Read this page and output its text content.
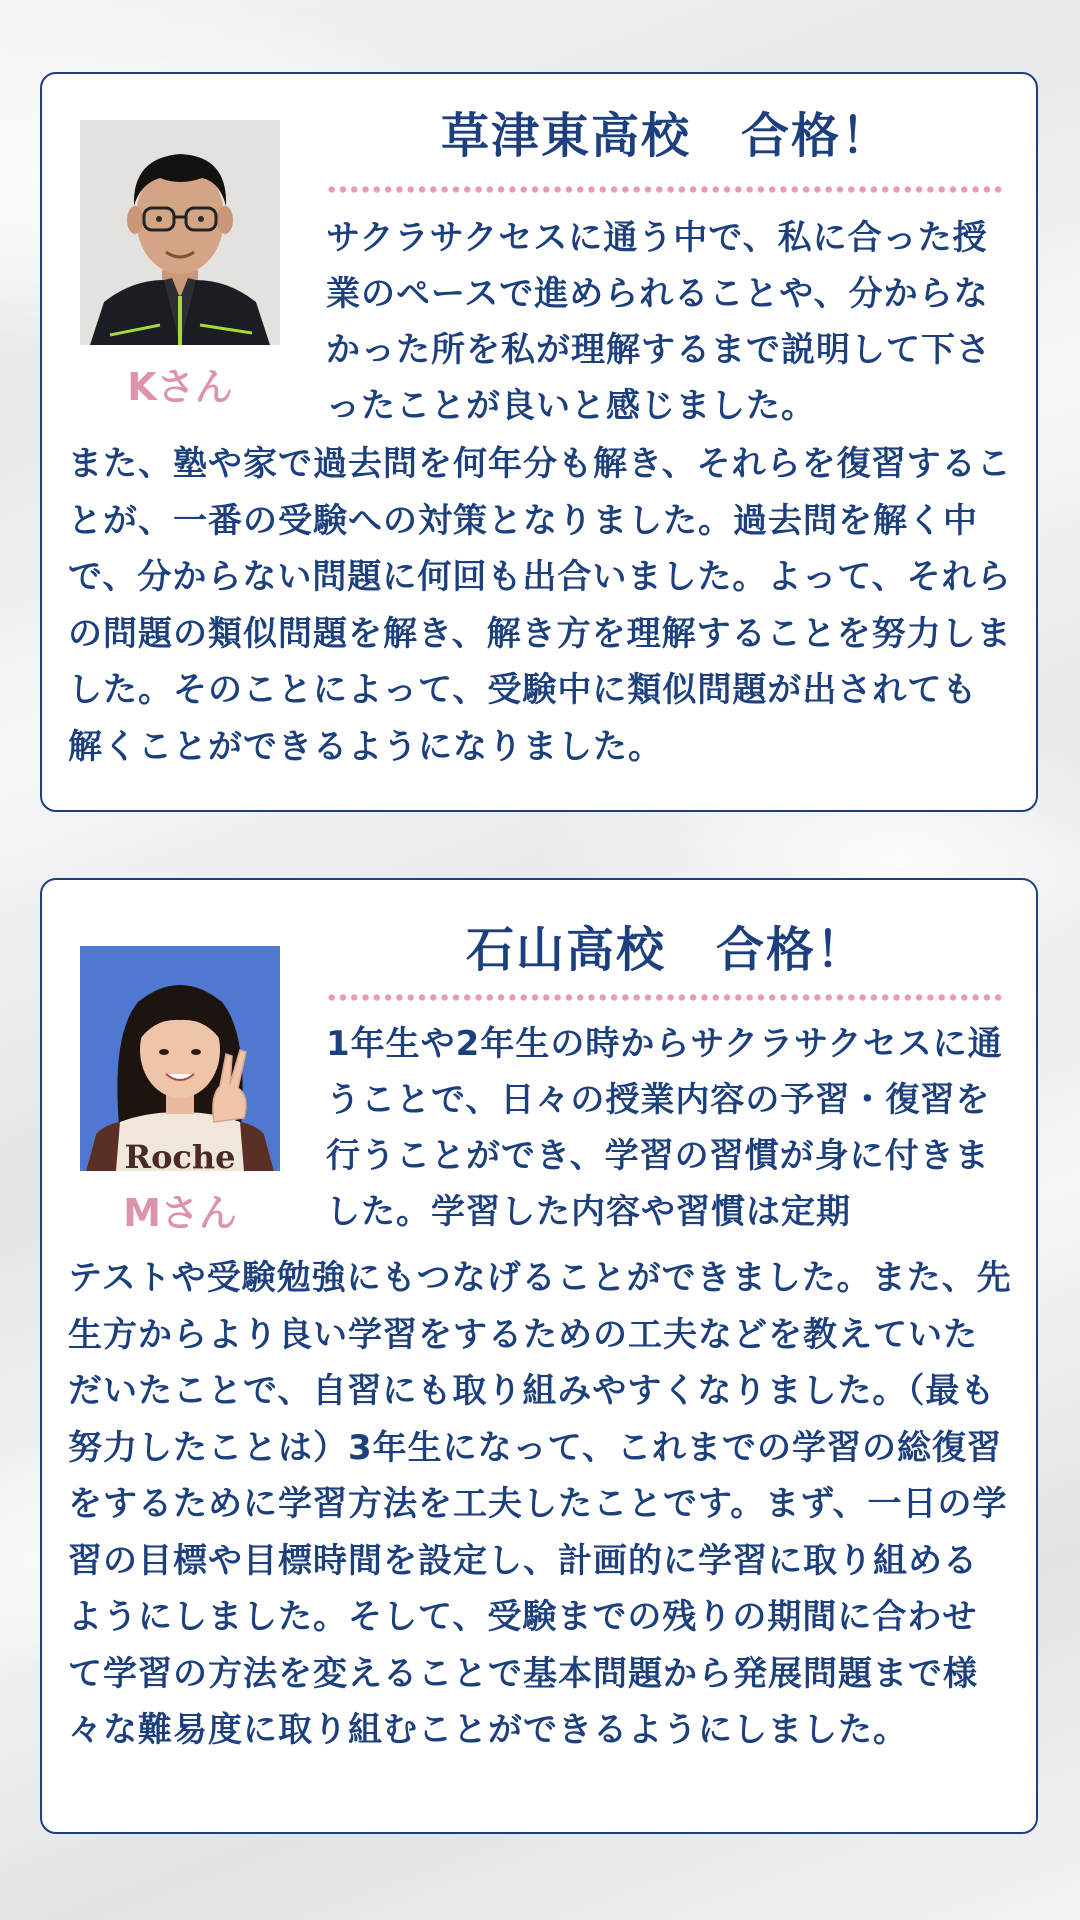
Kさん
草津東高校　合格！

サクラサクセスに通う中で、私に合った授業のペースで進められることや、分からなかった所を私が理解するまで説明して下さったことが良いと感じました。

また、塾や家で過去問を何年分も解き、それらを復習することが、一番の受験への対策となりました。過去問を解く中で、分からない問題に何回も出合いました。よって、それらの問題の類似問題を解き、解き方を理解することを努力しました。そのことによって、受験中に類似問題が出されても解くことができるようになりました。

Roche
Mさん
石山高校　合格！

1年生や2年生の時からサクラサクセスに通うことで、日々の授業内容の予習・復習を行うことができ、学習の習慣が身に付きました。学習した内容や習慣は定期

テストや受験勉強にもつなげることができました。また、先生方からより良い学習をするための工夫などを教えていただいたことで、自習にも取り組みやすくなりました。（最も努力したことは）3年生になって、これまでの学習の総復習をするために学習方法を工夫したことです。まず、一日の学習の目標や目標時間を設定し、計画的に学習に取り組めるようにしました。そして、受験までの残りの期間に合わせて学習の方法を変えることで基本問題から発展問題まで様々な難易度に取り組むことができるようにしました。
